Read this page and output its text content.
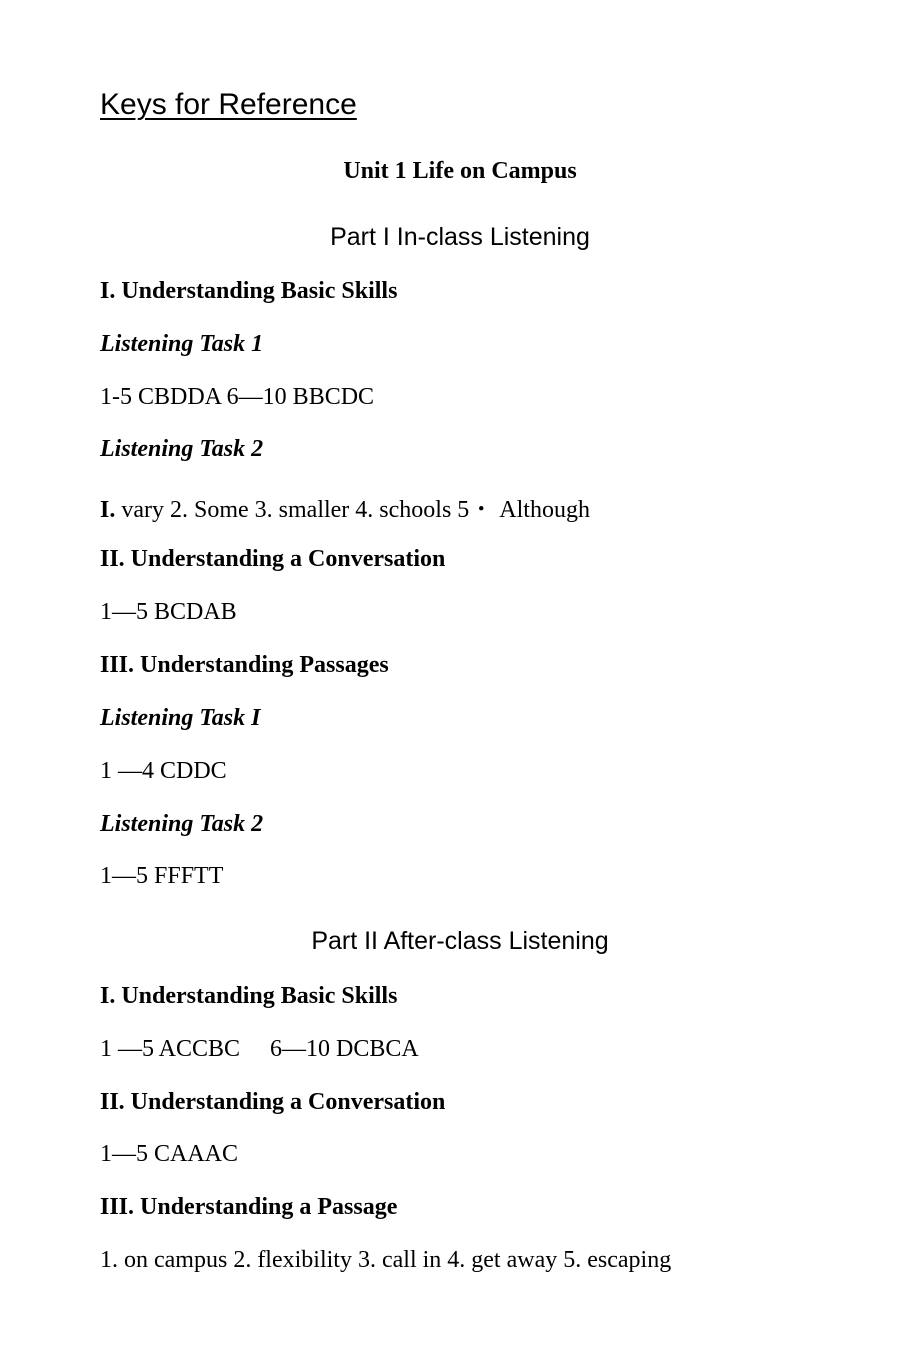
Keys for Reference
Unit 1 Life on Campus
Part I In-class Listening
I. Understanding Basic Skills
Listening Task 1
1-5 CBDDA 6—10 BBCDC
Listening Task 2
I. vary 2. Some 3. smaller 4. schools 5・ Although
II. Understanding a Conversation
1—5 BCDAB
III. Understanding Passages
Listening Task I
1 —4 CDDC
Listening Task 2
1—5 FFFTT
Part II After-class Listening
I. Understanding Basic Skills
1 —5 ACCBC     6—10 DCBCA
II. Understanding a Conversation
1—5 CAAAC
III. Understanding a Passage
1. on campus 2. flexibility 3. call in 4. get away 5. escaping
